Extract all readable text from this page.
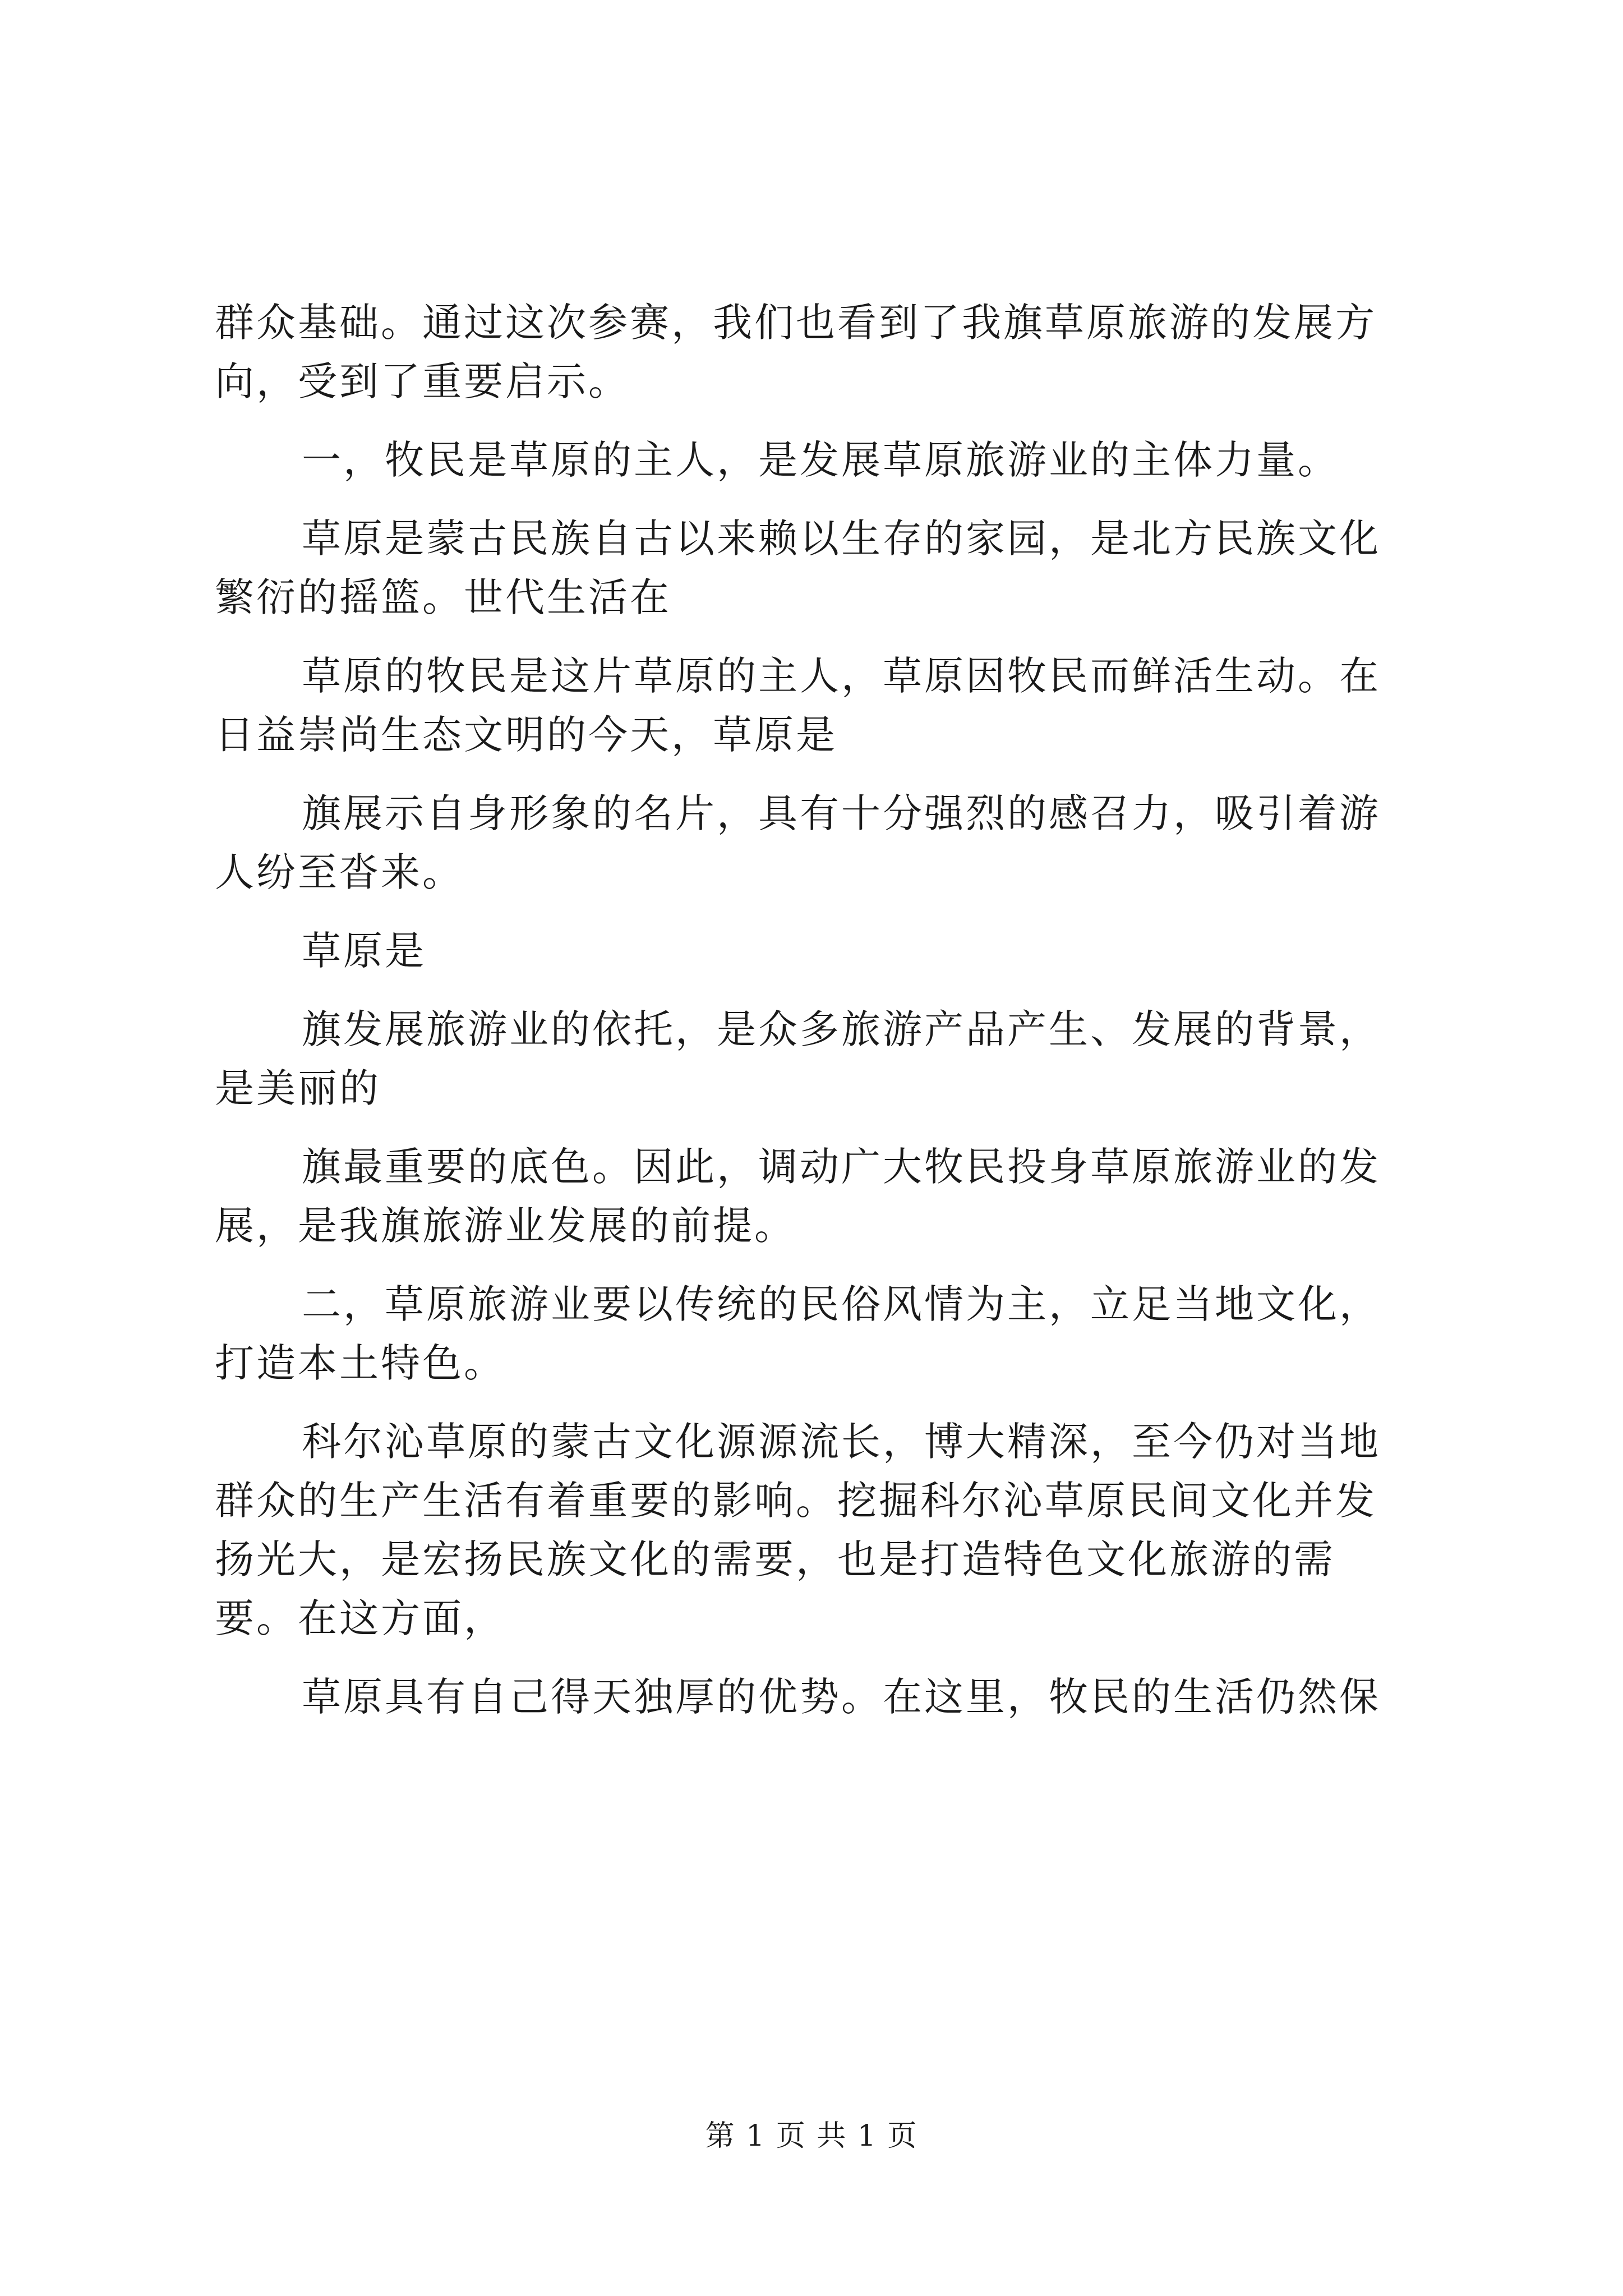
群众基础。通过这次参赛，我们也看到了我旗草原旅游的发展方向，受到了重要启示。

一，牧民是草原的主人，是发展草原旅游业的主体力量。

草原是蒙古民族自古以来赖以生存的家园，是北方民族文化繁衍的摇篮。世代生活在

草原的牧民是这片草原的主人，草原因牧民而鲜活生动。在日益崇尚生态文明的今天，草原是

旗展示自身形象的名片，具有十分强烈的感召力，吸引着游人纷至沓来。

草原是

旗发展旅游业的依托，是众多旅游产品产生、发展的背景，是美丽的

旗最重要的底色。因此，调动广大牧民投身草原旅游业的发展，是我旗旅游业发展的前提。

二，草原旅游业要以传统的民俗风情为主，立足当地文化，打造本土特色。

科尔沁草原的蒙古文化源源流长，博大精深，至今仍对当地群众的生产生活有着重要的影响。挖掘科尔沁草原民间文化并发扬光大，是宏扬民族文化的需要，也是打造特色文化旅游的需要。在这方面，

草原具有自己得天独厚的优势。在这里，牧民的生活仍然保

第 1 页 共 1 页
